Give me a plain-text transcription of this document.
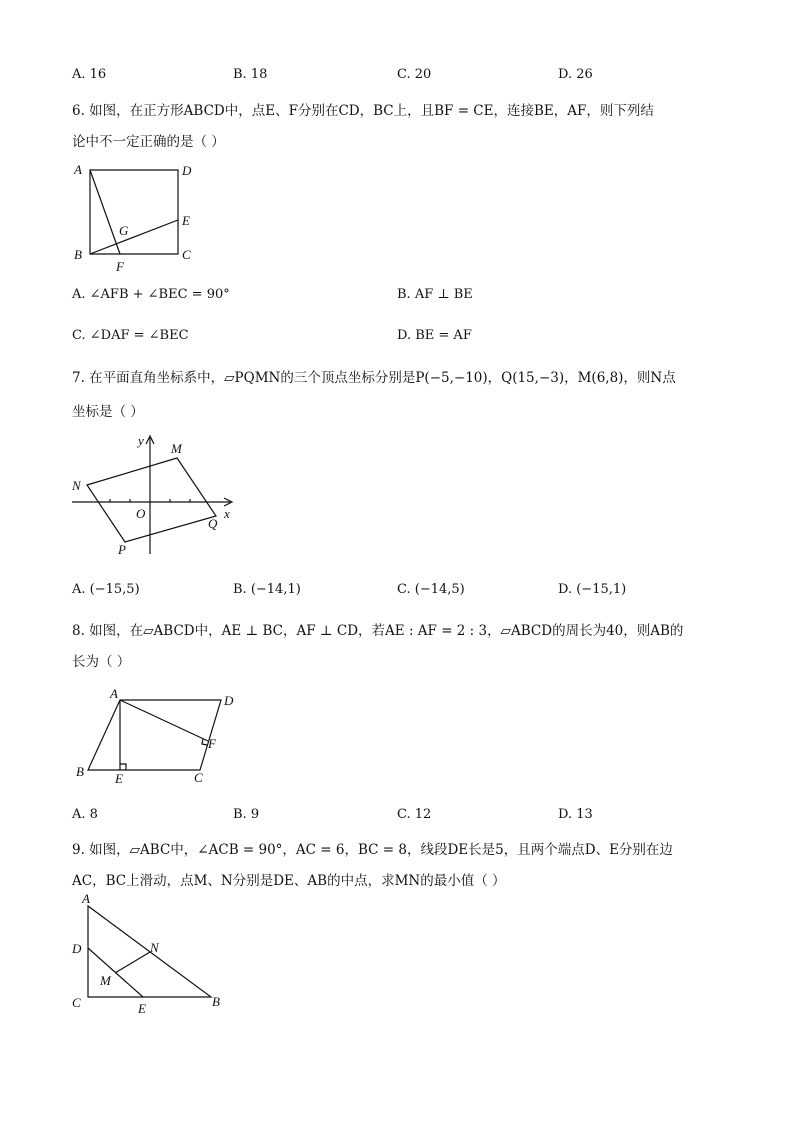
A. 16	B. 18	C. 20	D. 26
6. 如图，在正方形ABCD中，点E、F分别在CD，BC上，且BF = CE，连接BE，AF，则下列结
论中不一定正确的是（ ）
A	D
E
C
B
F
G
A. ∠AFB + ∠BEC = 90°	B. AF ⊥ BE
C. ∠DAF = ∠BEC	D. BE = AF
7. 在平面直角坐标系中，▱PQMN的三个顶点坐标分别是P(−5,−10)，Q(15,−3)，M(6,8)，则N点
坐标是（ ）
y
x
O
M
N
P
Q
A. (−15,5)	B. (−14,1)	C. (−14,5)	D. (−15,1)
8. 如图，在▱ABCD中，AE ⊥ BC，AF ⊥ CD，若AE : AF = 2 : 3，▱ABCD的周长为40，则AB的
长为（ ）
A	D
F
C
B E
A. 8	B. 9	C. 12	D. 13
9. 如图，▱ABC中，∠ACB = 90°，AC = 6，BC = 8，线段DE长是5，且两个端点D、E分别在边
AC，BC上滑动，点M、N分别是DE、AB的中点，求MN的最小值（ ）
A
N
D
M
C	E	B
